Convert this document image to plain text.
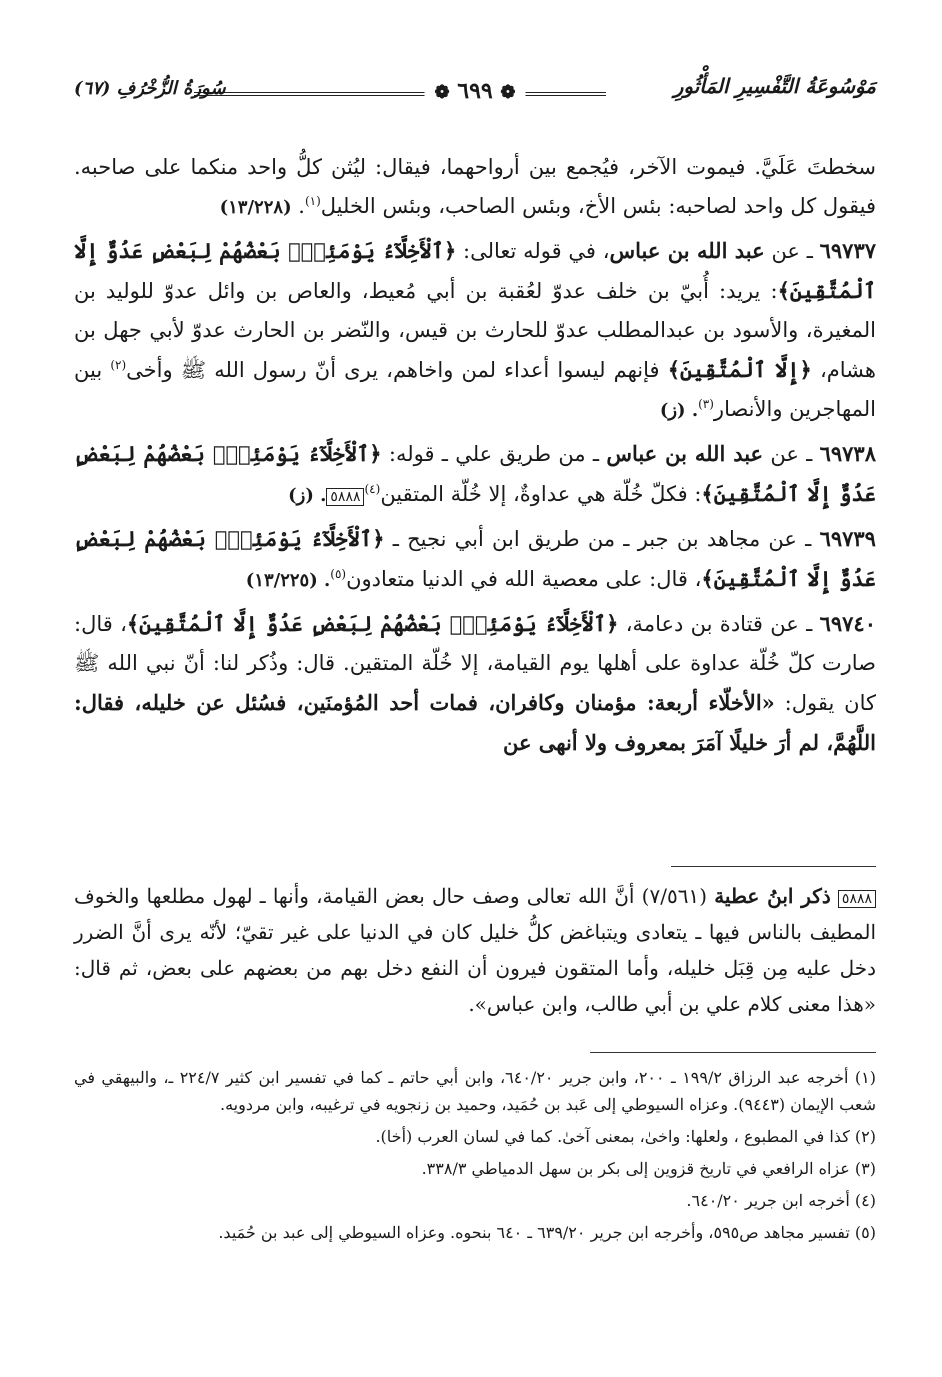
مَوْسُوعَةُ التَّفْسِيرِ المَأْثُورِ
❁ ٦٩٩ ❁
سُورَةُ الزُّخْرُفِ (٦٧)

سخطتَ عَلَيَّ. فيموت الآخر، فيُجمع بين أرواحهما، فيقال: ليُثن كلُّ واحد منكما على صاحبه. فيقول كل واحد لصاحبه: بئس الأخ، وبئس الصاحب، وبئس الخليل$^{(١)}$. (١٣/٢٢٨)

٦٩٧٣٧ ـ عن عبد الله بن عباس، في قوله تعالى: ﴿ٱلْأَخِلَّآءُ يَوْمَئِذٍۭ بَعْضُهُمْ لِبَعْضٍ عَدُوٌّ إِلَّا ٱلْمُتَّقِينَ﴾: يريد: أُبيّ بن خلف عدوّ لعُقبة بن أبي مُعيط، والعاص بن وائل عدوّ للوليد بن المغيرة، والأسود بن عبدالمطلب عدوّ للحارث بن قيس، والنّضر بن الحارث عدوّ لأبي جهل بن هشام، ﴿إِلَّا ٱلْمُتَّقِينَ﴾ فإنهم ليسوا أعداء لمن واخاهم، يرى أنّ رسول الله ﷺ وأخى$^{(٢)}$ بين المهاجرين والأنصار$^{(٣)}$. (ز)

٦٩٧٣٨ ـ عن عبد الله بن عباس ـ من طريق علي ـ قوله: ﴿ٱلْأَخِلَّآءُ يَوْمَئِذٍۭ بَعْضُهُمْ لِبَعْضٍ عَدُوٌّ إِلَّا ٱلْمُتَّقِينَ﴾: فكلّ خُلّة هي عداوةٌ، إلا خُلّة المتقين$^{(٤)}$٥٨٨٨. (ز)

٦٩٧٣٩ ـ عن مجاهد بن جبر ـ من طريق ابن أبي نجيح ـ ﴿ٱلْأَخِلَّآءُ يَوْمَئِذٍۭ بَعْضُهُمْ لِبَعْضٍ عَدُوٌّ إِلَّا ٱلْمُتَّقِينَ﴾، قال: على معصية الله في الدنيا متعادون$^{(٥)}$. (١٣/٢٢٥)

٦٩٧٤٠ ـ عن قتادة بن دعامة، ﴿ٱلْأَخِلَّآءُ يَوْمَئِذٍۭ بَعْضُهُمْ لِبَعْضٍ عَدُوٌّ إِلَّا ٱلْمُتَّقِينَ﴾، قال: صارت كلّ خُلّة عداوة على أهلها يوم القيامة، إلا خُلّة المتقين. قال: وذُكر لنا: أنّ نبي الله ﷺ كان يقول: «الأخلّاء أربعة: مؤمنان وكافران، فمات أحد المُؤمنَين، فسُئل عن خليله، فقال: اللَّهُمَّ، لم أرَ خليلًا آمَرَ بمعروف ولا أنهى عن

٥٨٨٨ ذكر ابنُ عطية (٧/٥٦١) أنَّ الله تعالى وصف حال بعض القيامة، وأنها ـ لهول مطلعها والخوف المطيف بالناس فيها ـ يتعادى ويتباغض كلُّ خليل كان في الدنيا على غير تقيّ؛ لأنّه يرى أنَّ الضرر دخل عليه مِن قِبَل خليله، وأما المتقون فيرون أن النفع دخل بهم من بعضهم على بعض، ثم قال: «هذا معنى كلام علي بن أبي طالب، وابن عباس».

(١) أخرجه عبد الرزاق ١٩٩/٢ ـ ٢٠٠، وابن جرير ٦٤٠/٢٠، وابن أبي حاتم ـ كما في تفسير ابن كثير ٢٢٤/٧ ـ، والبيهقي في شعب الإيمان (٩٤٤٣). وعزاه السيوطي إلى عَبد بن حُمَيد، وحميد بن زنجويه في ترغيبه، وابن مردويه.

(٢) كذا في المطبوع ، ولعلها: واخىٰ، بمعنى آخىٰ. كما في لسان العرب (أخا).

(٣) عزاه الرافعي في تاريخ قزوين إلى بكر بن سهل الدمياطي ٣٣٨/٣.

(٤) أخرجه ابن جرير ٦٤٠/٢٠.

(٥) تفسير مجاهد ص٥٩٥، وأخرجه ابن جرير ٦٣٩/٢٠ ـ ٦٤٠ بنحوه. وعزاه السيوطي إلى عبد بن حُمَيد.
